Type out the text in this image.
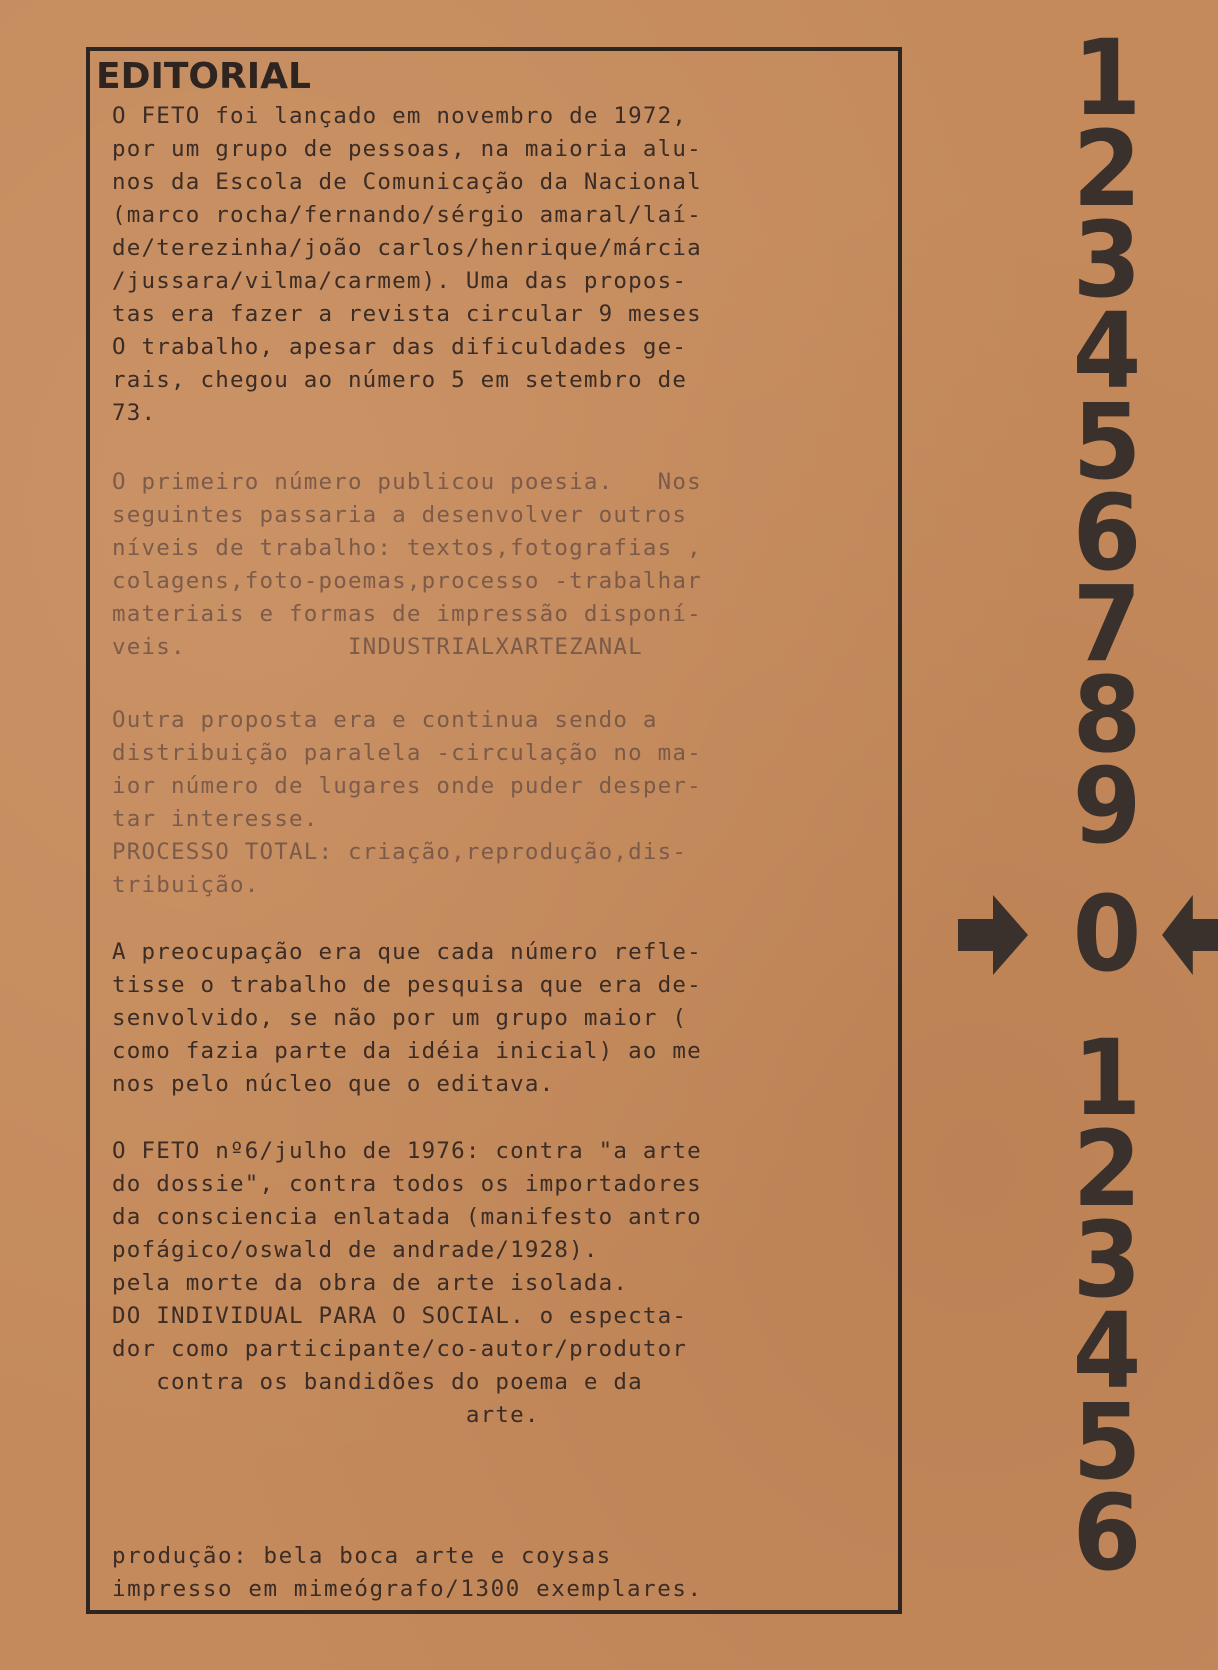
EDITORIAL

O FETO foi lançado em novembro de 1972,
por um grupo de pessoas, na maioria alu-
nos da Escola de Comunicação da Nacional
(marco rocha/fernando/sérgio amaral/laí-
de/terezinha/joão carlos/henrique/márcia
/jussara/vilma/carmem). Uma das propos-
tas era fazer a revista circular 9 meses
O trabalho, apesar das dificuldades ge-
rais, chegou ao número 5 em setembro de
73.

O primeiro número publicou poesia.   Nos
seguintes passaria a desenvolver outros
níveis de trabalho: textos,fotografias ,
colagens,foto-poemas,processo -trabalhar
materiais e formas de impressão disponí-
veis.           INDUSTRIALXARTEZANAL

Outra proposta era e continua sendo a
distribuição paralela -circulação no ma-
ior número de lugares onde puder desper-
tar interesse.
PROCESSO TOTAL: criação,reprodução,dis-
tribuição.

A preocupação era que cada número refle-
tisse o trabalho de pesquisa que era de-
senvolvido, se não por um grupo maior (
como fazia parte da idéia inicial) ao me
nos pelo núcleo que o editava.

O FETO nº6/julho de 1976: contra "a arte
do dossie", contra todos os importadores
da consciencia enlatada (manifesto antro
pofágico/oswald de andrade/1928).
pela morte da obra de arte isolada.
DO INDIVIDUAL PARA O SOCIAL. o especta-
dor como participante/co-autor/produtor
contra os bandidões do poema e da
arte.

produção: bela boca arte e coysas
impresso em mimeógrafo/1300 exemplares.

1
2
3
4
5
6
7
8
9
0
1
2
3
4
5
6
